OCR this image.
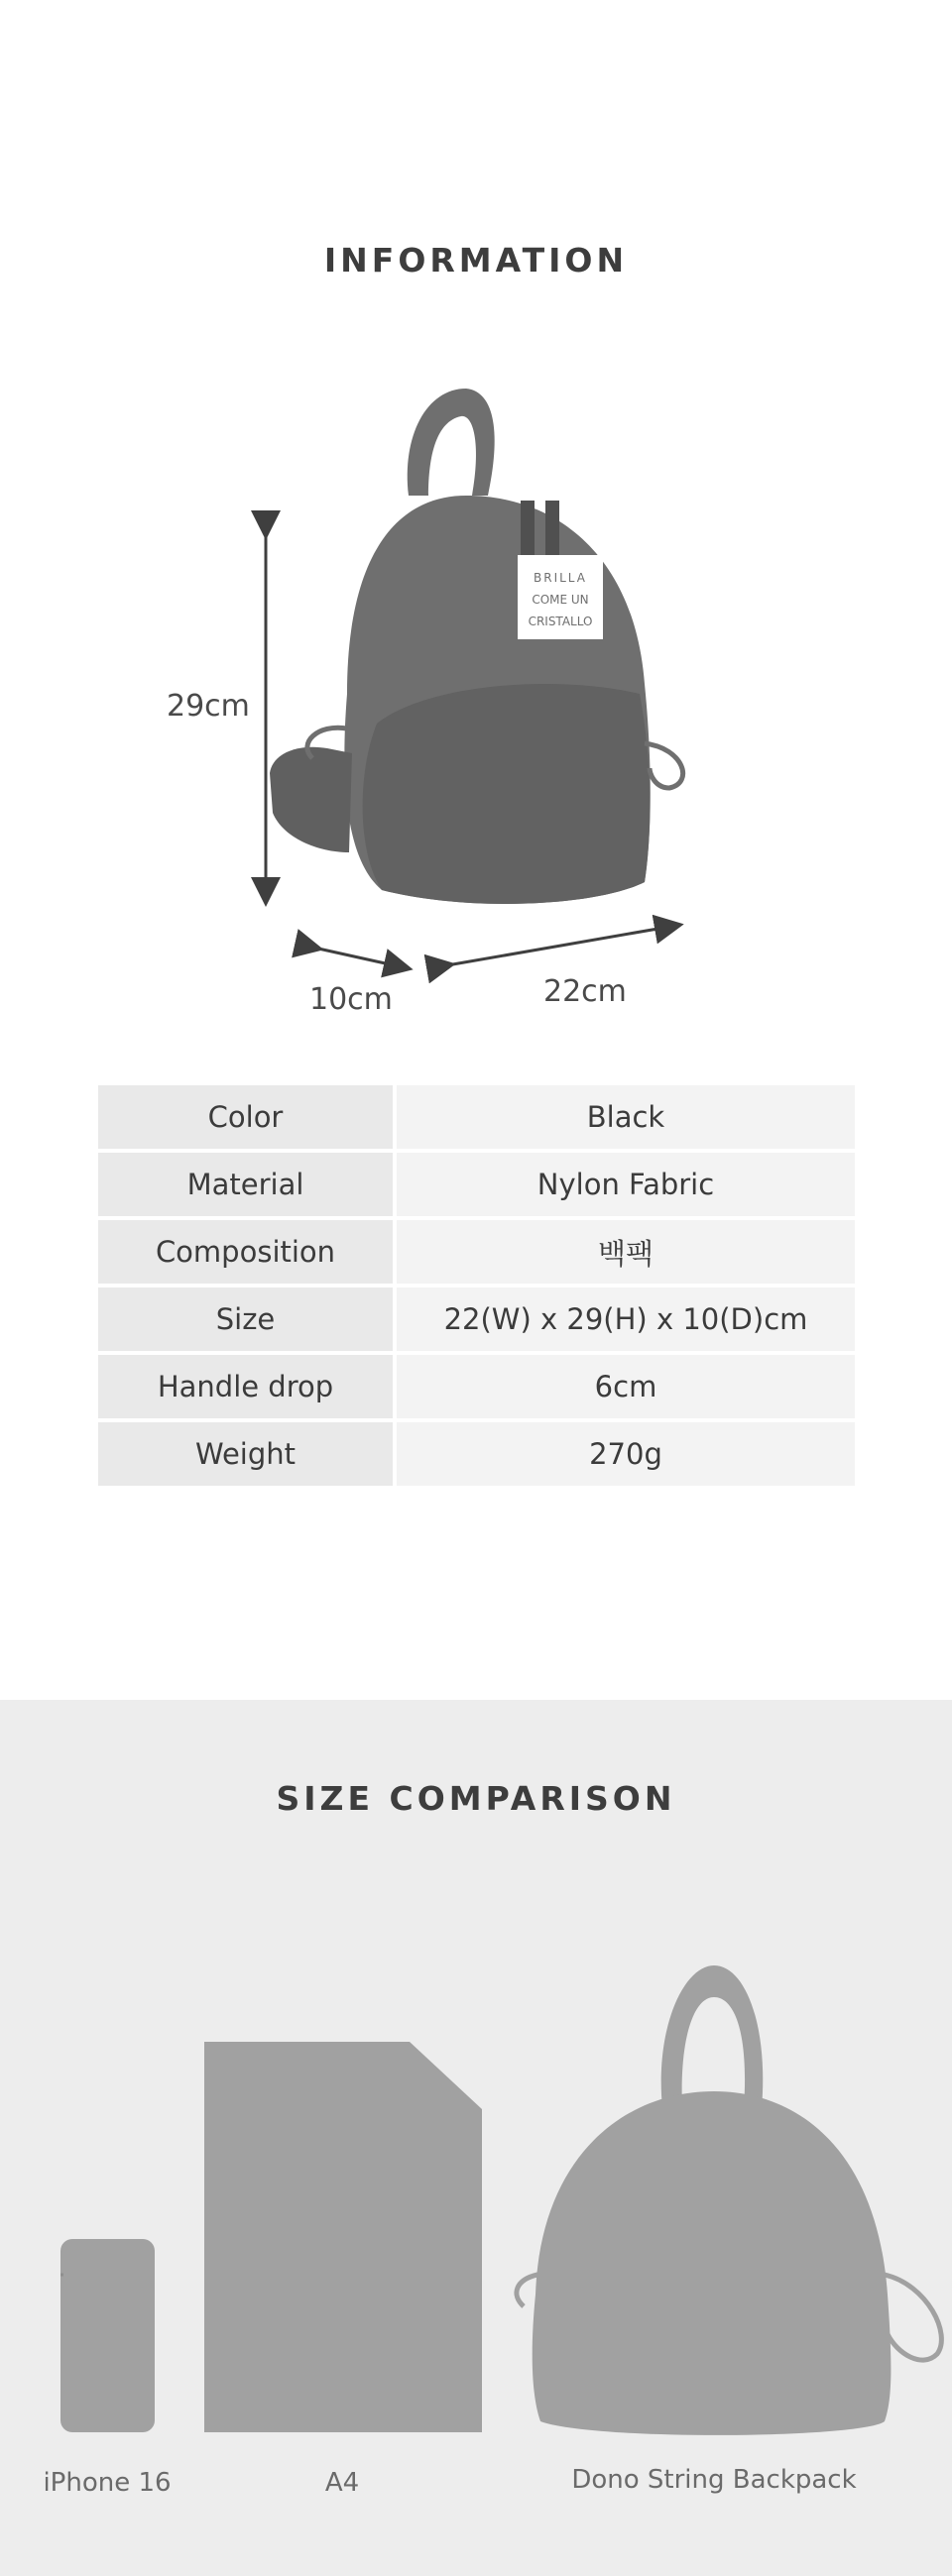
INFORMATION
BRILLA
COME UN
CRISTALLO
29cm
10cm	22cm
Color	Black
Material	Nylon Fabric
Composition	백팩
Size	22(W) x 29(H) x 10(D)cm
Handle drop	6cm
Weight	270g
SIZE COMPARISON
iPhone 16	A4	Dono String Backpack
